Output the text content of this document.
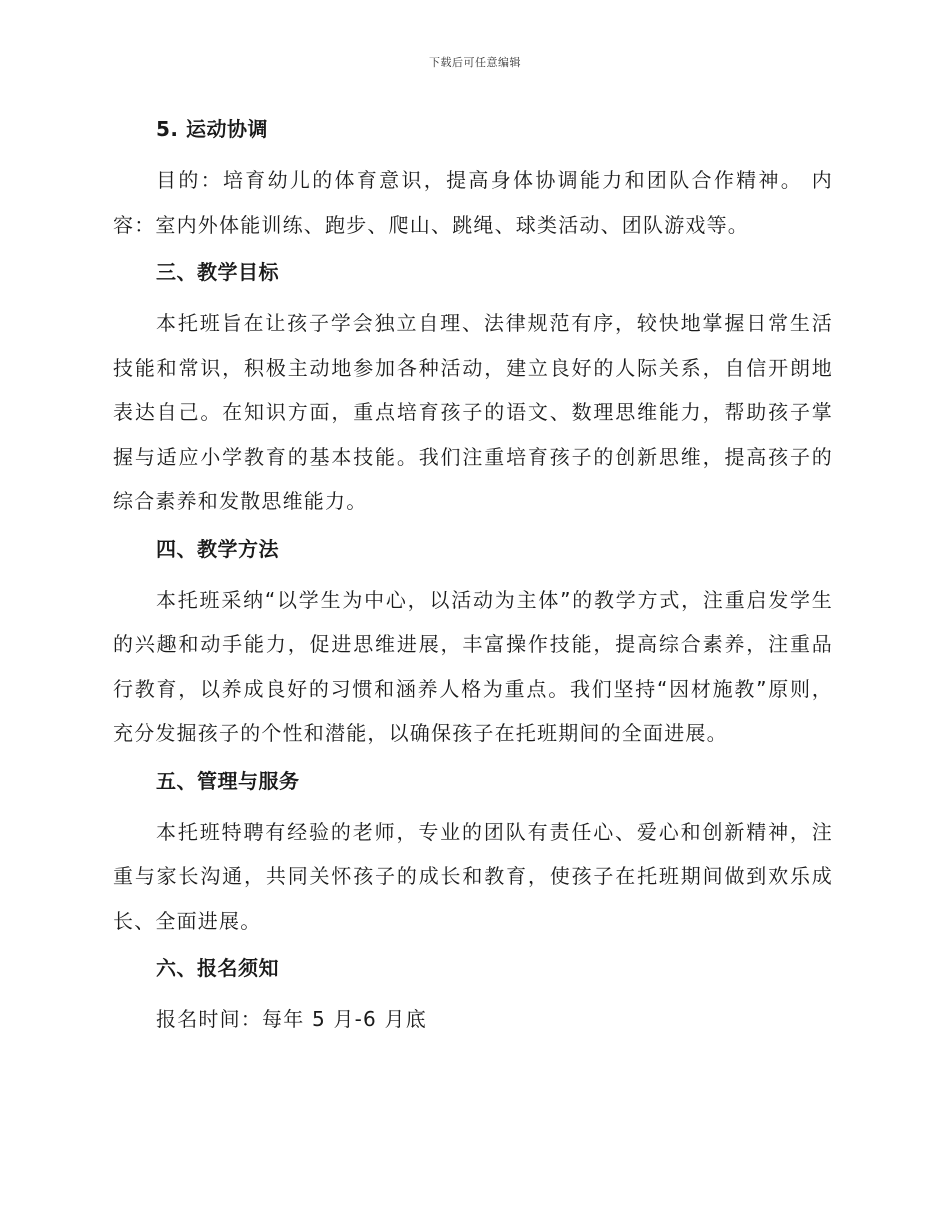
下载后可任意编辑
5. 运动协调

目的：培育幼儿的体育意识，提高身体协调能力和团队合作精神。 内容：室内外体能训练、跑步、爬山、跳绳、球类活动、团队游戏等。

三、教学目标

本托班旨在让孩子学会独立自理、法律规范有序，较快地掌握日常生活技能和常识，积极主动地参加各种活动，建立良好的人际关系，自信开朗地表达自己。在知识方面，重点培育孩子的语文、数理思维能力，帮助孩子掌握与适应小学教育的基本技能。我们注重培育孩子的创新思维，提高孩子的综合素养和发散思维能力。

四、教学方法

本托班采纳“以学生为中心，以活动为主体”的教学方式，注重启发学生的兴趣和动手能力，促进思维进展，丰富操作技能，提高综合素养，注重品行教育，以养成良好的习惯和涵养人格为重点。我们坚持“因材施教”原则，充分发掘孩子的个性和潜能，以确保孩子在托班期间的全面进展。

五、管理与服务

本托班特聘有经验的老师，专业的团队有责任心、爱心和创新精神，注重与家长沟通，共同关怀孩子的成长和教育，使孩子在托班期间做到欢乐成长、全面进展。

六、报名须知

报名时间：每年 5 月-6 月底
